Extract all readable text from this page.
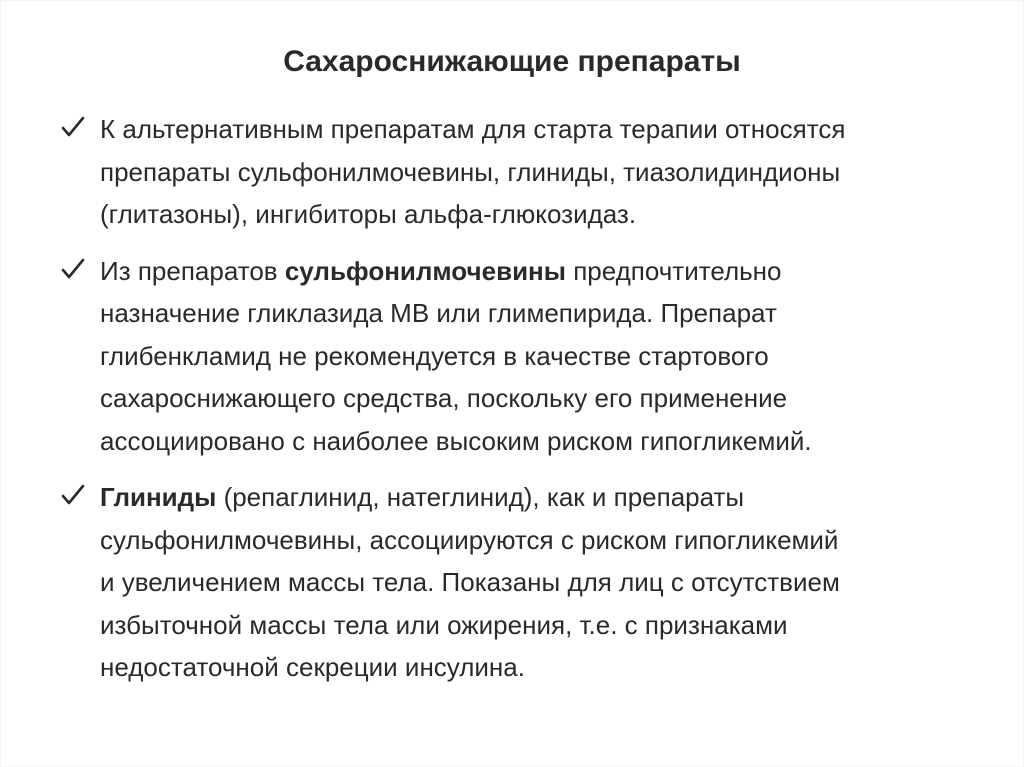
Сахароснижающие препараты
К альтернативным препаратам для старта терапии относятся
препараты сульфонилмочевины, глиниды, тиазолидиндионы
(глитазоны), ингибиторы альфа-глюкозидаз.
Из препаратов сульфонилмочевины предпочтительно
назначение гликлазида МВ или глимепирида. Препарат
глибенкламид не рекомендуется в качестве стартового
сахароснижающего средства, поскольку его применение
ассоциировано с наиболее высоким риском гипогликемий.
Глиниды (репаглинид, натеглинид), как и препараты
сульфонилмочевины, ассоциируются с риском гипогликемий
и увеличением массы тела. Показаны для лиц с отсутствием
избыточной массы тела или ожирения, т.е. с признаками
недостаточной секреции инсулина.
